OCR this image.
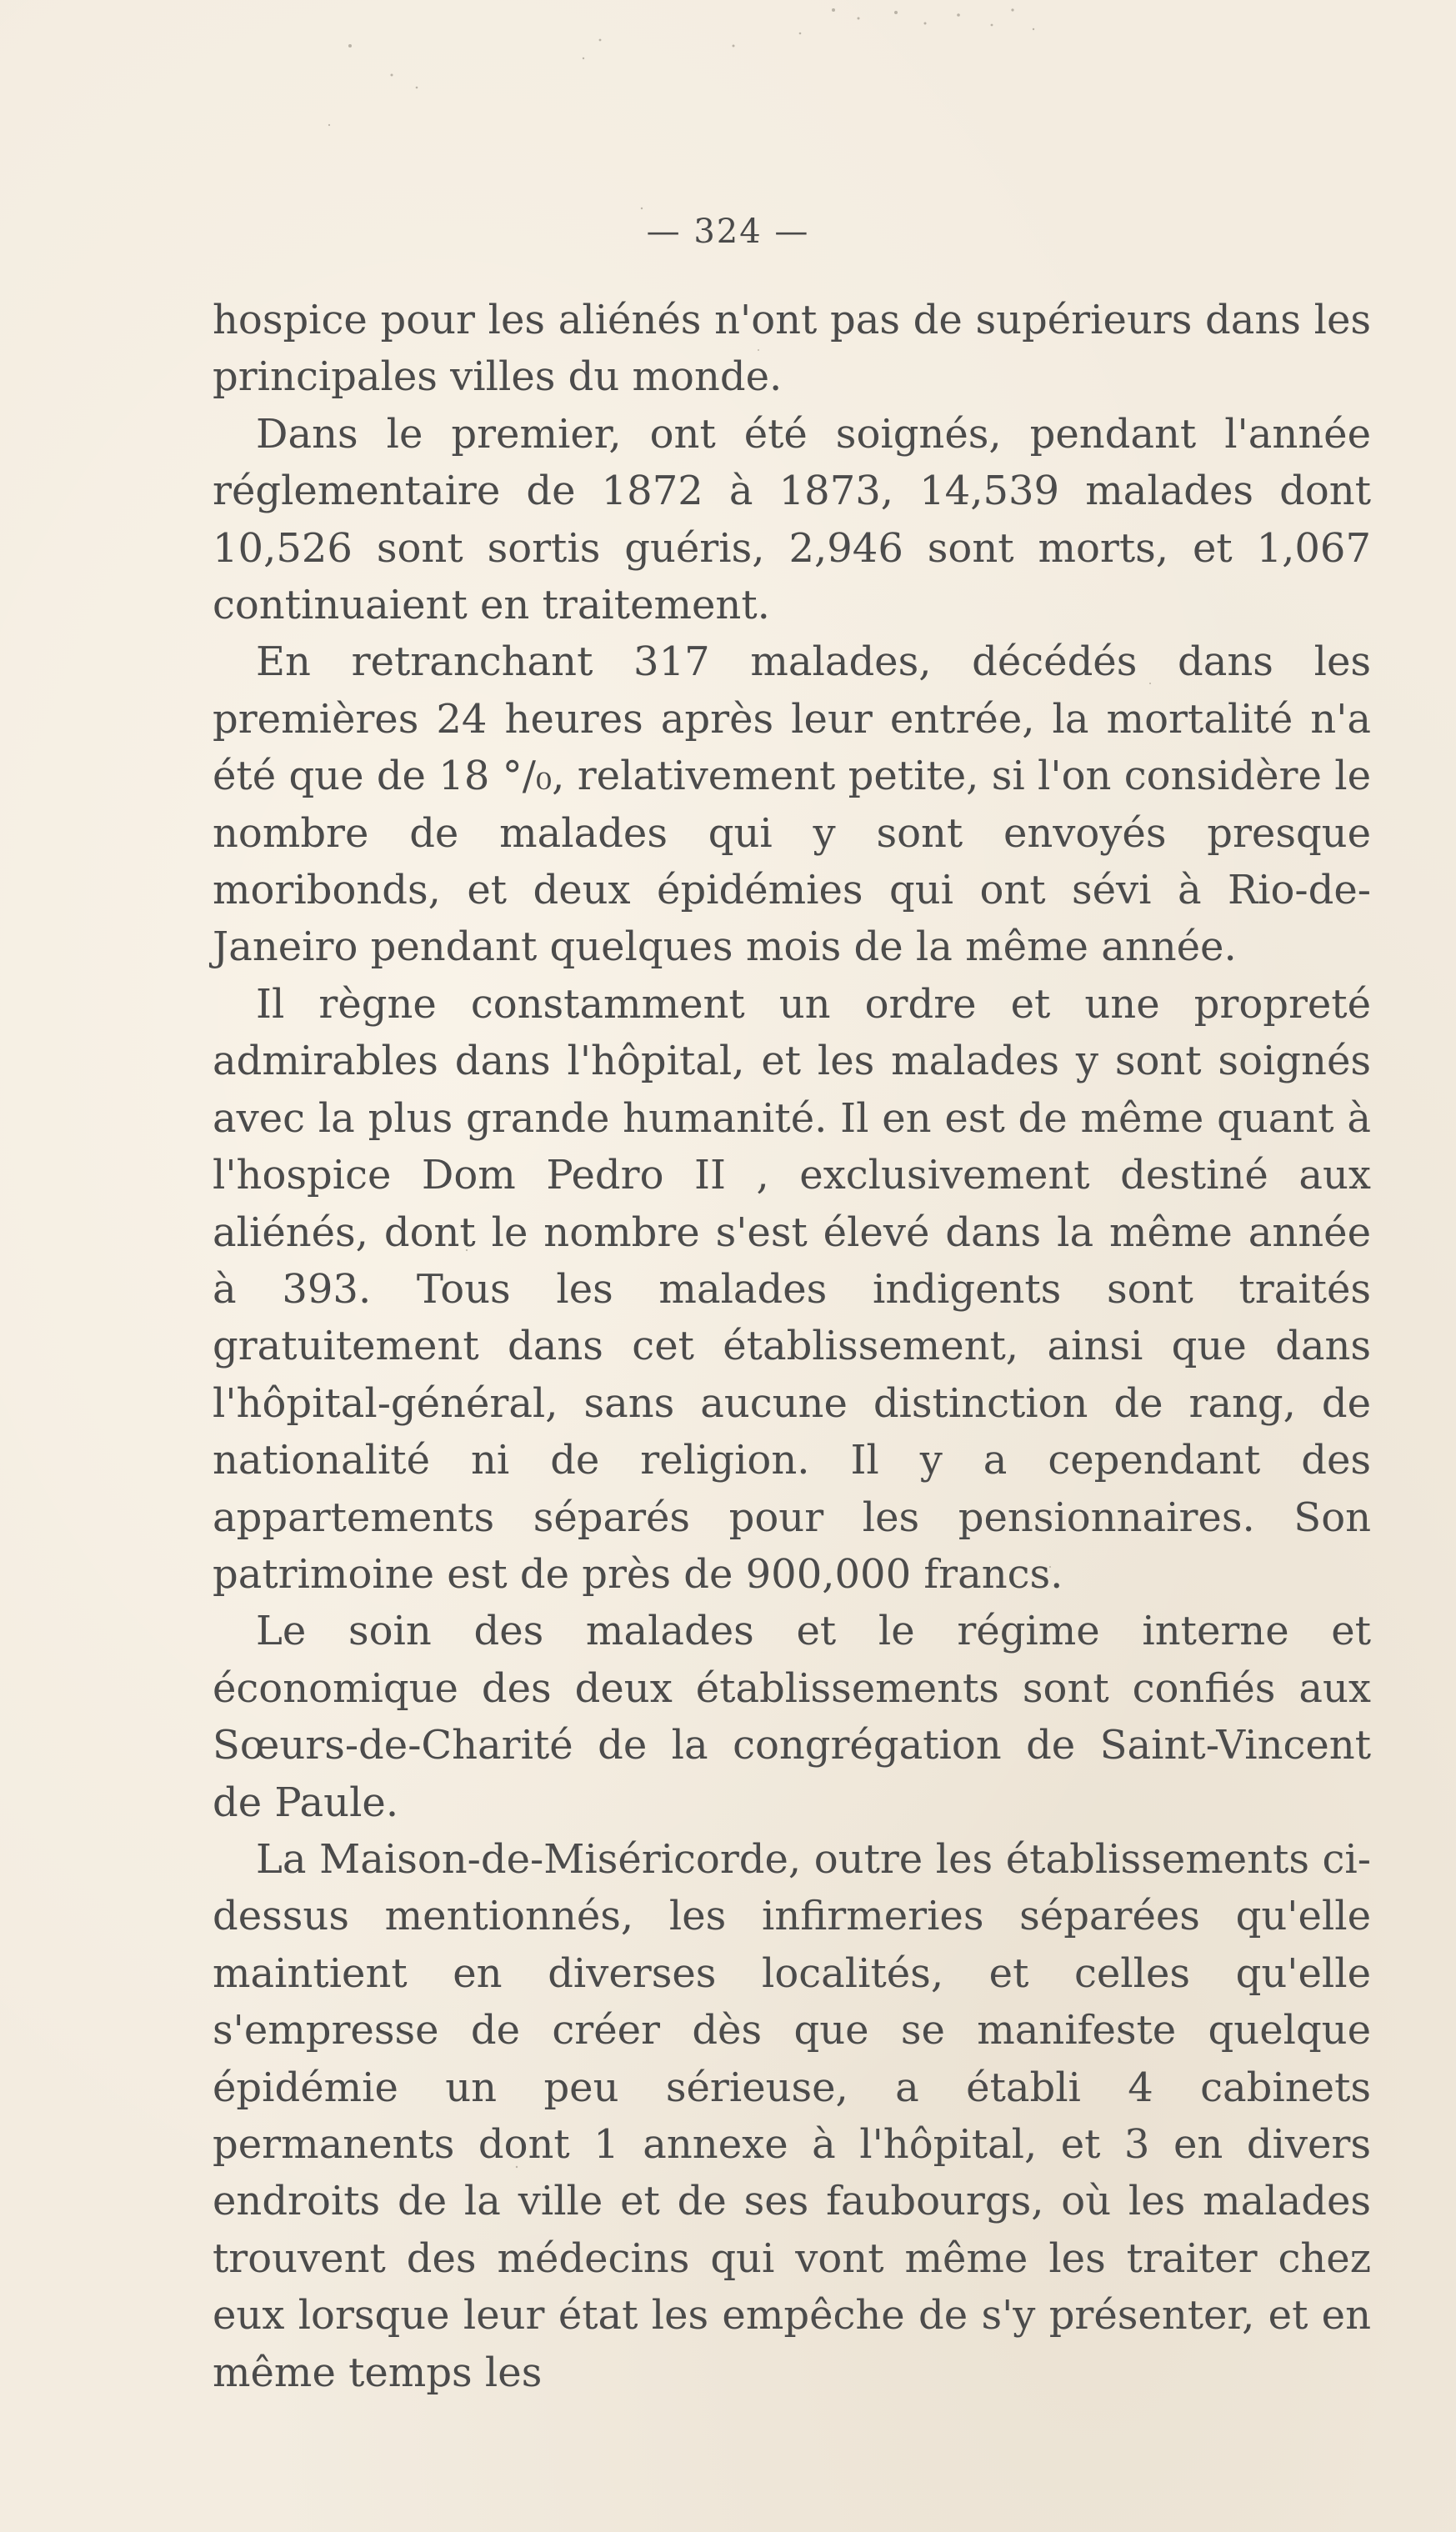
— 324 —

hospice pour les aliénés n'ont pas de supérieurs dans les principales villes du monde.

Dans le premier, ont été soignés, pendant l'année réglementaire de 1872 à 1873, 14,539 malades dont 10,526 sont sortis guéris, 2,946 sont morts, et 1,067 continuaient en traitement.

En retranchant 317 malades, décédés dans les premières 24 heures après leur entrée, la mortalité n'a été que de 18 °/₀, relativement petite, si l'on considère le nombre de malades qui y sont envoyés presque moribonds, et deux épidémies qui ont sévi à Rio-de-Janeiro pendant quelques mois de la même année.

Il règne constamment un ordre et une propreté admirables dans l'hôpital, et les malades y sont soignés avec la plus grande humanité. Il en est de même quant à l'hospice Dom Pedro II , exclusivement destiné aux aliénés, dont le nombre s'est élevé dans la même année à 393. Tous les malades indigents sont traités gratuitement dans cet établissement, ainsi que dans l'hôpital-général, sans aucune distinction de rang, de nationalité ni de religion. Il y a cependant des appartements séparés pour les pensionnaires. Son patrimoine est de près de 900,000 francs.

Le soin des malades et le régime interne et économique des deux établissements sont confiés aux Sœurs-de-Charité de la congrégation de Saint-Vincent de Paule.

La Maison-de-Miséricorde, outre les établissements ci-dessus mentionnés, les infirmeries séparées qu'elle maintient en diverses localités, et celles qu'elle s'empresse de créer dès que se manifeste quelque épidémie un peu sérieuse, a établi 4 cabinets permanents dont 1 annexe à l'hôpital, et 3 en divers endroits de la ville et de ses faubourgs, où les malades trouvent des médecins qui vont même les traiter chez eux lorsque leur état les empêche de s'y présenter, et en même temps les
